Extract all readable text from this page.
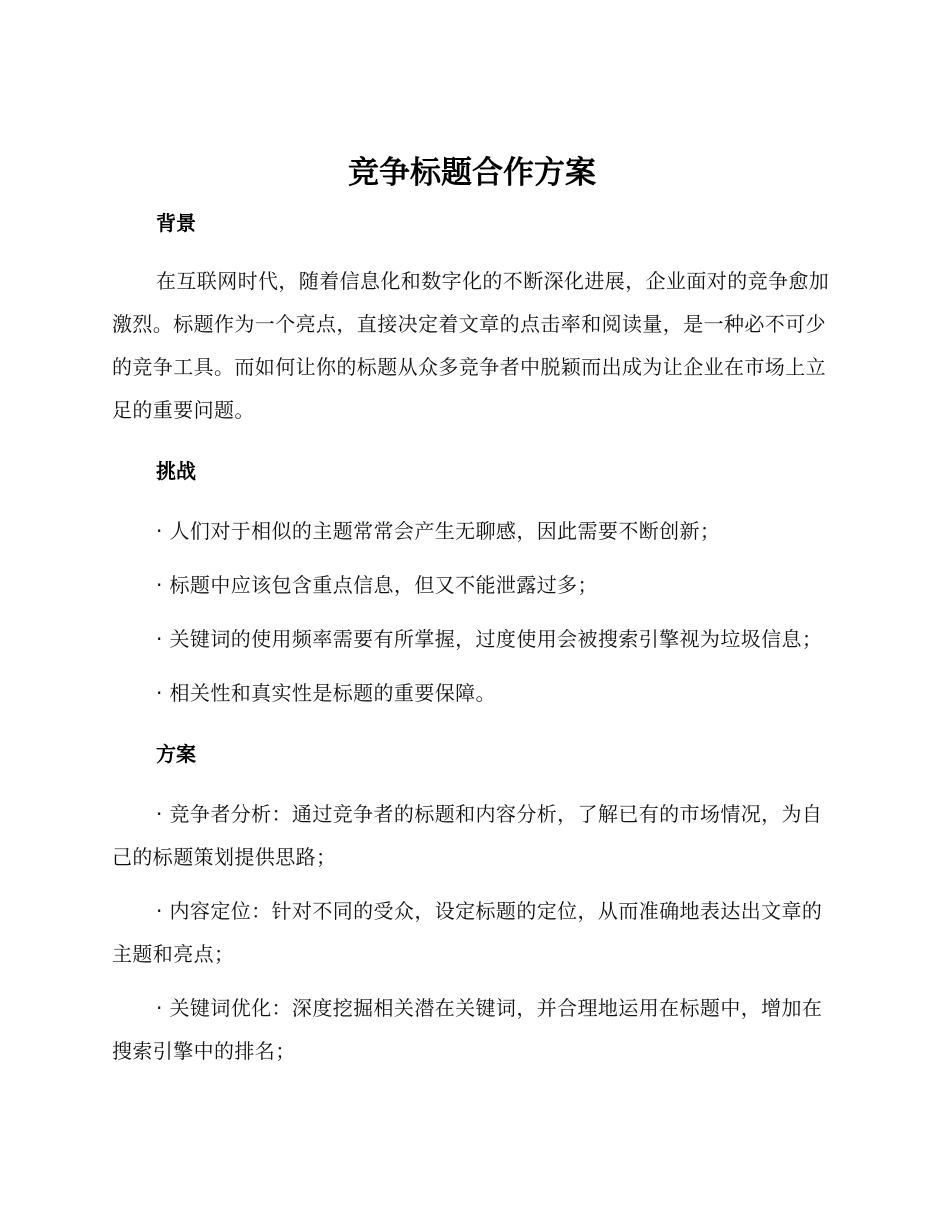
竞争标题合作方案
背景

在互联网时代，随着信息化和数字化的不断深化进展，企业面对的竞争愈加激烈。标题作为一个亮点，直接决定着文章的点击率和阅读量，是一种必不可少的竞争工具。而如何让你的标题从众多竞争者中脱颖而出成为让企业在市场上立足的重要问题。

挑战

· 人们对于相似的主题常常会产生无聊感，因此需要不断创新；

· 标题中应该包含重点信息，但又不能泄露过多；

· 关键词的使用频率需要有所掌握，过度使用会被搜索引擎视为垃圾信息；

· 相关性和真实性是标题的重要保障。

方案

· 竞争者分析：通过竞争者的标题和内容分析，了解已有的市场情况，为自己的标题策划提供思路；

· 内容定位：针对不同的受众，设定标题的定位，从而准确地表达出文章的主题和亮点；

· 关键词优化：深度挖掘相关潜在关键词，并合理地运用在标题中，增加在搜索引擎中的排名；
